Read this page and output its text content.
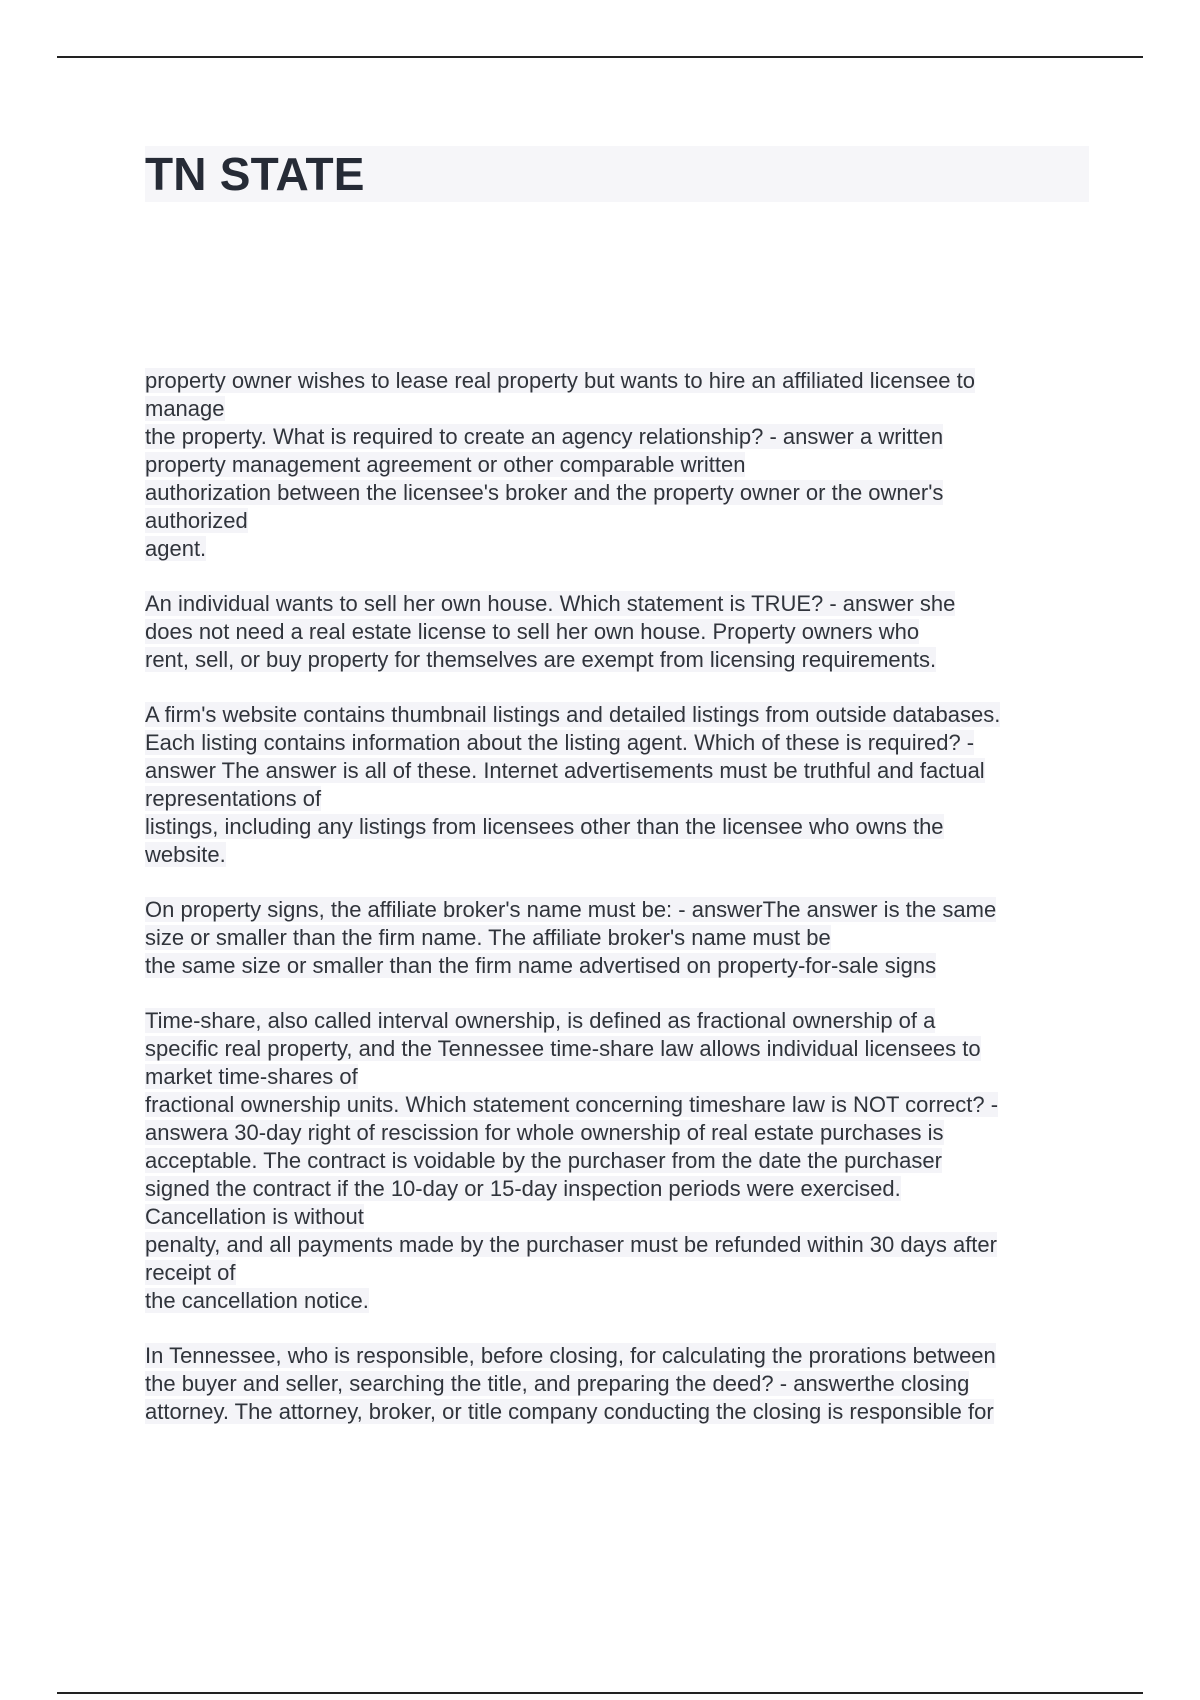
TN STATE
property owner wishes to lease real property but wants to hire an affiliated licensee to
manage
the property. What is required to create an agency relationship? - answer a written
property management agreement or other comparable written
authorization between the licensee's broker and the property owner or the owner's
authorized
agent.
An individual wants to sell her own house. Which statement is TRUE? - answer she
does not need a real estate license to sell her own house. Property owners who
rent, sell, or buy property for themselves are exempt from licensing requirements.
A firm's website contains thumbnail listings and detailed listings from outside databases.
Each listing contains information about the listing agent. Which of these is required? -
answer The answer is all of these. Internet advertisements must be truthful and factual
representations of
listings, including any listings from licensees other than the licensee who owns the
website.
On property signs, the affiliate broker's name must be: - answerThe answer is the same
size or smaller than the firm name. The affiliate broker's name must be
the same size or smaller than the firm name advertised on property-for-sale signs
Time-share, also called interval ownership, is defined as fractional ownership of a
specific real property, and the Tennessee time-share law allows individual licensees to
market time-shares of
fractional ownership units. Which statement concerning timeshare law is NOT correct? -
answera 30-day right of rescission for whole ownership of real estate purchases is
acceptable. The contract is voidable by the purchaser from the date the purchaser
signed the contract if the 10-day or 15-day inspection periods were exercised.
Cancellation is without
penalty, and all payments made by the purchaser must be refunded within 30 days after
receipt of
the cancellation notice.
In Tennessee, who is responsible, before closing, for calculating the prorations between
the buyer and seller, searching the title, and preparing the deed? - answerthe closing
attorney. The attorney, broker, or title company conducting the closing is responsible for
